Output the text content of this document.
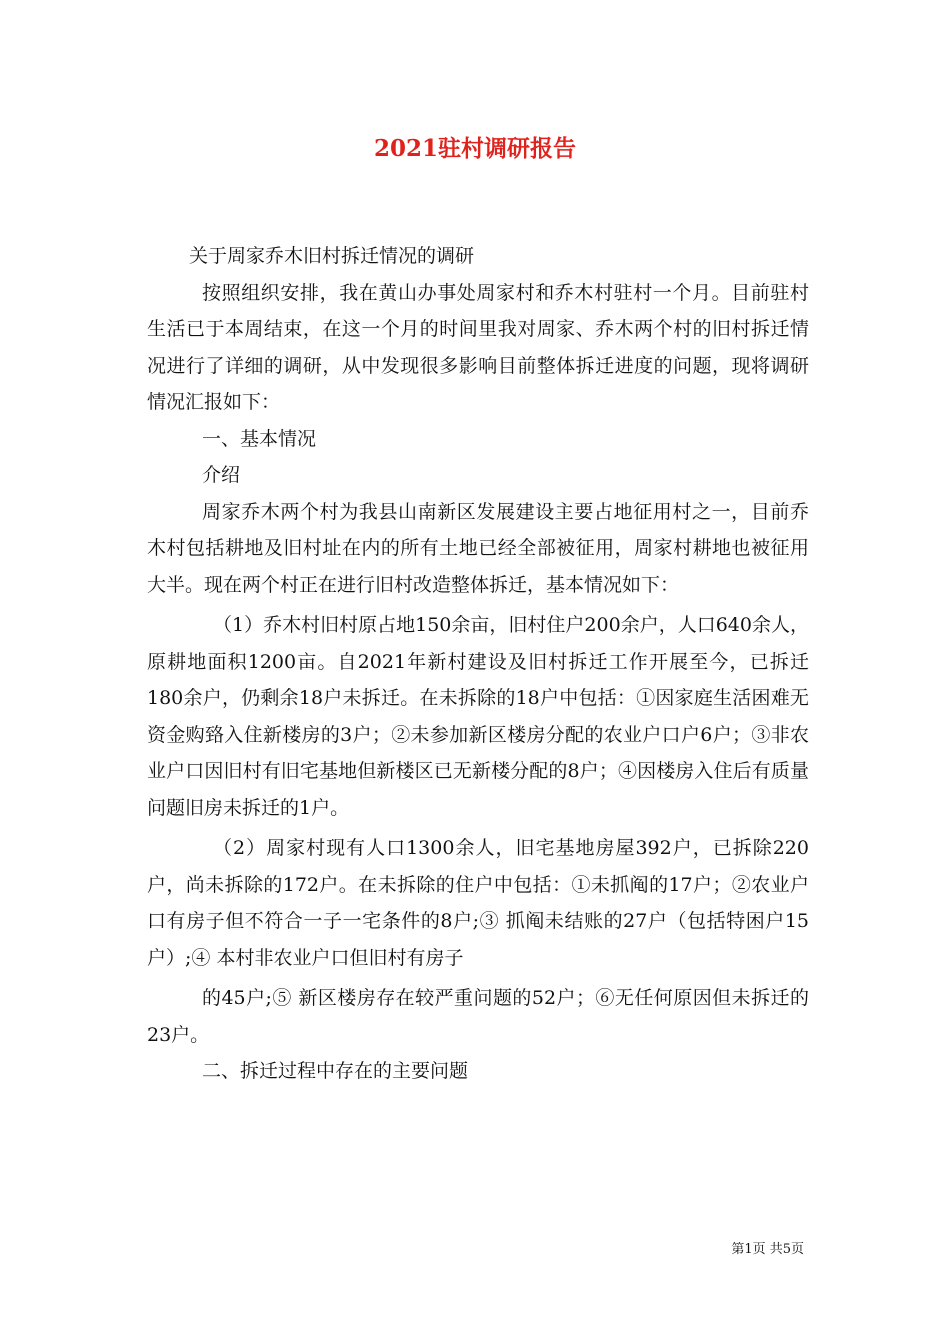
2021驻村调研报告

关于周家乔木旧村拆迁情况的调研

按照组织安排，我在黄山办事处周家村和乔木村驻村一个月。目前驻村生活已于本周结束，在这一个月的时间里我对周家、乔木两个村的旧村拆迁情况进行了详细的调研，从中发现很多影响目前整体拆迁进度的问题，现将调研情况汇报如下：

一、基本情况

介绍

周家乔木两个村为我县山南新区发展建设主要占地征用村之一，目前乔木村包括耕地及旧村址在内的所有土地已经全部被征用，周家村耕地也被征用大半。现在两个村正在进行旧村改造整体拆迁，基本情况如下：

（1）乔木村旧村原占地150余亩，旧村住户200余户，人口640余人，原耕地面积1200亩。自2021年新村建设及旧村拆迁工作开展至今，已拆迁180余户，仍剩余18户未拆迁。在未拆除的18户中包括：①因家庭生活困难无资金购臵入住新楼房的3户；②未参加新区楼房分配的农业户口户6户；③非农业户口因旧村有旧宅基地但新楼区已无新楼分配的8户；④因楼房入住后有质量问题旧房未拆迁的1户。

（2）周家村现有人口1300余人，旧宅基地房屋392户，已拆除220户，尚未拆除的172户。在未拆除的住户中包括：①未抓阄的17户；②农业户口有房子但不符合一子一宅条件的8户;③ 抓阄未结账的27户（包括特困户15户）;④ 本村非农业户口但旧村有房子

的45户;⑤ 新区楼房存在较严重问题的52户；⑥无任何原因但未拆迁的23户。

二、拆迁过程中存在的主要问题

第1页 共5页
